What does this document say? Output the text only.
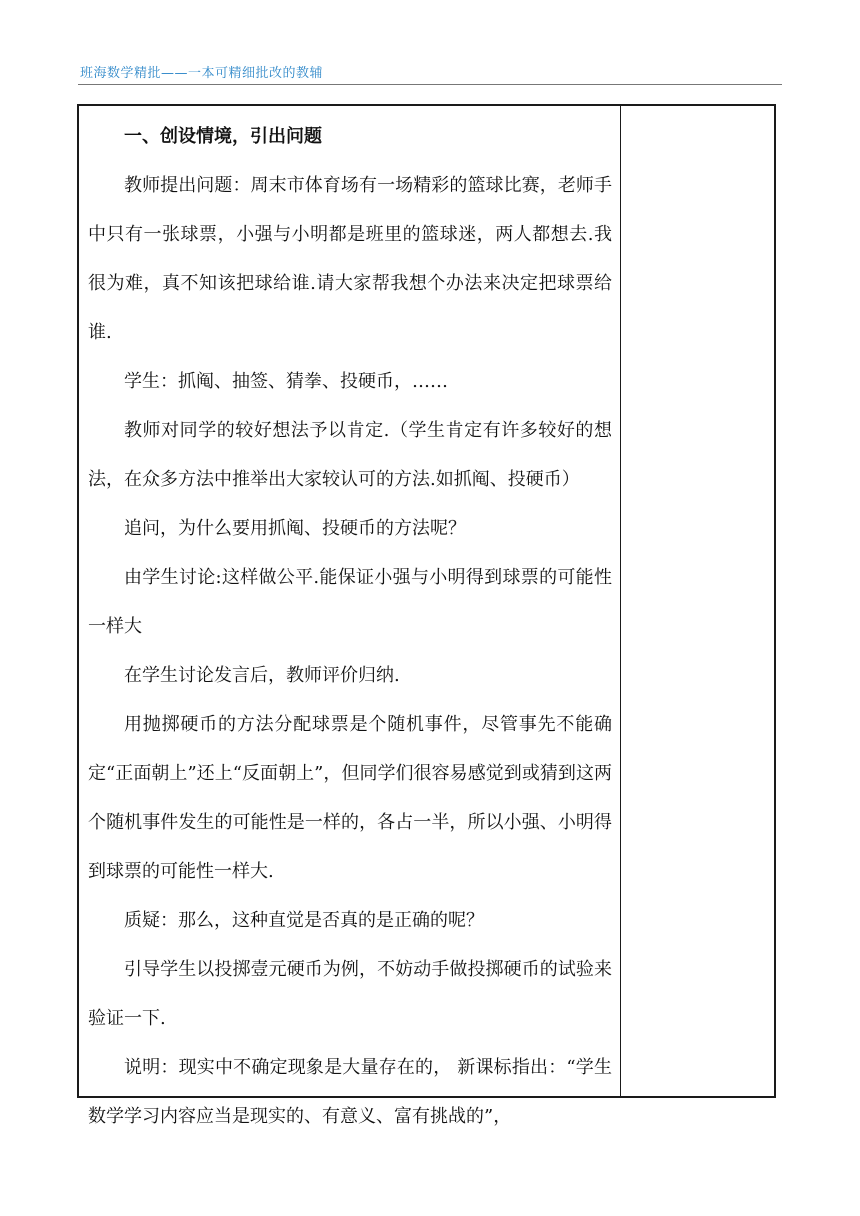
班海数学精批——一本可精细批改的教辅

一、创设情境，引出问题

教师提出问题：周末市体育场有一场精彩的篮球比赛，老师手中只有一张球票，小强与小明都是班里的篮球迷，两人都想去.我很为难，真不知该把球给谁.请大家帮我想个办法来决定把球票给谁.

学生：抓阄、抽签、猜拳、投硬币，……

教师对同学的较好想法予以肯定.（学生肯定有许多较好的想法，在众多方法中推举出大家较认可的方法.如抓阄、投硬币）

追问，为什么要用抓阄、投硬币的方法呢？

由学生讨论:这样做公平.能保证小强与小明得到球票的可能性一样大

在学生讨论发言后，教师评价归纳.

用抛掷硬币的方法分配球票是个随机事件，尽管事先不能确定“正面朝上”还上“反面朝上”，但同学们很容易感觉到或猜到这两个随机事件发生的可能性是一样的，各占一半，所以小强、小明得到球票的可能性一样大.

质疑：那么，这种直觉是否真的是正确的呢？

引导学生以投掷壹元硬币为例，不妨动手做投掷硬币的试验来验证一下.

说明：现实中不确定现象是大量存在的， 新课标指出：“学生数学学习内容应当是现实的、有意义、富有挑战的”，
